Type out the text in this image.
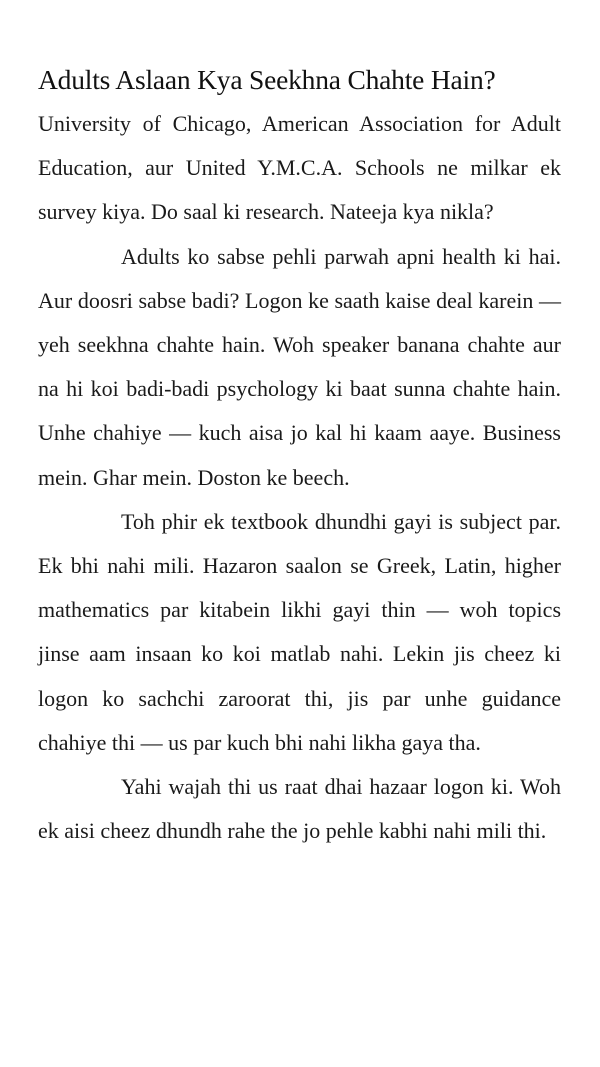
Adults Aslaan Kya Seekhna Chahte Hain?

University of Chicago, American Association for Adult Education, aur United Y.M.C.A. Schools ne milkar ek survey kiya. Do saal ki research. Nateeja kya nikla?

Adults ko sabse pehli parwah apni health ki hai. Aur doosri sabse badi? Logon ke saath kaise deal karein — yeh seekhna chahte hain. Woh speaker banana chahte aur na hi koi badi-badi psychology ki baat sunna chahte hain. Unhe chahiye — kuch aisa jo kal hi kaam aaye. Business mein. Ghar mein. Doston ke beech.

Toh phir ek textbook dhundhi gayi is subject par. Ek bhi nahi mili. Hazaron saalon se Greek, Latin, higher mathematics par kitabein likhi gayi thin — woh topics jinse aam insaan ko koi matlab nahi. Lekin jis cheez ki logon ko sachchi zaroorat thi, jis par unhe guidance chahiye thi — us par kuch bhi nahi likha gaya tha.

Yahi wajah thi us raat dhai hazaar logon ki. Woh ek aisi cheez dhundh rahe the jo pehle kabhi nahi mili thi.
